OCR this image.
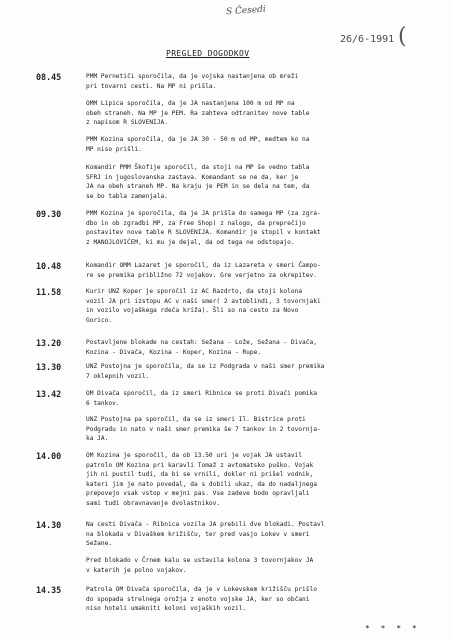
S Česedi
26/6-1991 (
PREGLED DOGODKOV
08.45	PMM Pernetiči sporočila, da je vojska nastanjena ob mreži
pri tovarni cesti. Na MP ni prišla.
OMM Lipica sporočila, da je JA nastanjena 100 m od MP na
obeh straneh. Na MP je PEM. Ra zahteva odtranitev nove table
z napisom R SLOVENIJA.
PMM Kozina sporočila, da je JA 30 - 50 m od MP, medtem ko na
MP niso prišli.
Komandir PMM Škofije sporočil, da stoji na MP še vedno tabla
SFRJ in jugoslovanska zastava. Komandant se ne da, ker je
JA na obeh straneh MP. Na kraju je PEM in se dela na tem, da
se bo tabla zamenjala.
09.30	PMM Kozina je sporočila, da je JA prišla do samega MP (za zgra-
dbo in ob zgradbi MP, za Free Shop) z nalogo, da preprečijo
postavitev nove table R SLOVENIJA. Komandir je stopil v kontakt
z MANOJLOVIĆEM, ki mu je dejal, da od tega ne odstopajo.
10.48	Komandir OMM Lazaret je sporočil, da iz Lazareta v smeri Čampo-
re se premika približno 72 vojakov. Gre verjetno za okrepitev.
11.58	Kurir UNZ Koper je sporočil iz AC Razdrto, da stoji kolona
vozil JA pri izstopu AC v naši smer( 2 avtoblindi, 3 tovornjaki
in vozilo vojaškega rdeča križa). Šli so na cesto za Novo
Gorico.
13.20	Postavljene blokade na cestah: Sežana - Lože, Sežana - Divača,
Kozina - Divača, Kozina - Koper, Kozina - Rupe.
13.30	UNZ Postojna je sporočila, da se iz Podgrada v naši smer premika
7 oklepnih vozil.
13.42	OM Divača sporočil, da iz smeri Ribnice se proti Divači pomika
6 tankov.
UNZ Postojna pa sporočil, da se iz smeri Il. Bistrice proti
Podgradu in nato v naši smer premika še 7 tankov in 2 tovornja-
ka JA.
14.00	OM Kozina je sporočil, da ob 13.50 uri je vojak JA ustavil
patrolo OM Kozina pri karavli Tomaž z avtomatsko puško. Vojak
jih ni pustil tudi, da bi se vrnili, dokler ni prišel vodnik,
kateri jim je nato povedal, da s dobili ukaz, da do nadaljnega
prepovejo vsak vstop v mejni pas. Vse zadeve bodo opravljali
sami tudi obravnavanje dvolastnikov.
14.30	Na cesti Divača - Ribnica vozila JA prebili dve blokadi. Postavl
na blokada v Divaškem križišču, ter pred vasjo Lokev v smeri
Sežane.
Pred blokado v Črnem kalu se ustavila kolona 3 tovornjakov JA
v katerih je polno vojakov.
14.35	Patrola OM Divača sporočila, da je v Lokevskem križišču prišlo
do spopada strelnega orožja z enoto vojske JA, ker so občani
niso hoteli umakniti koloni vojaških vozil.
* * * *
